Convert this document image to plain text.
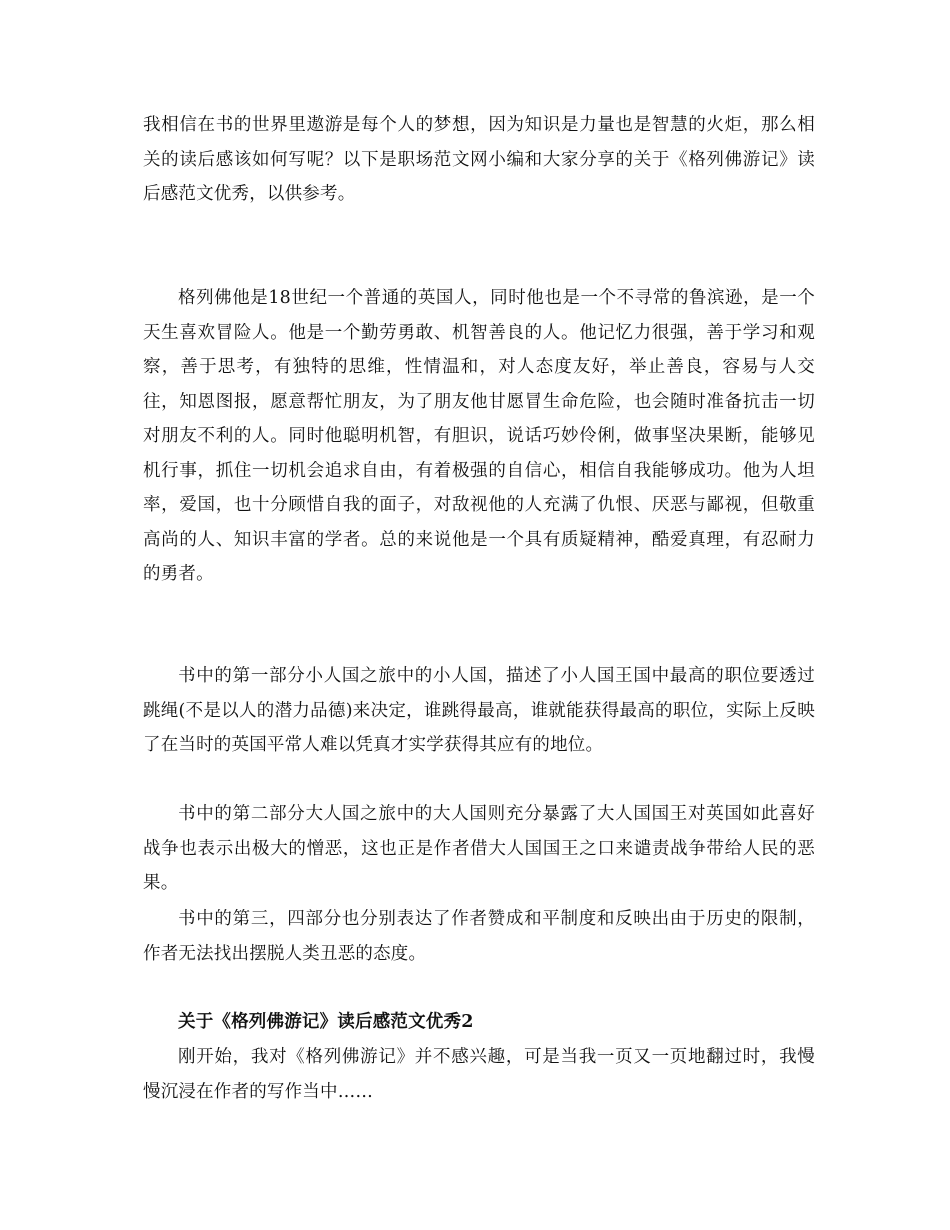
我相信在书的世界里遨游是每个人的梦想，因为知识是力量也是智慧的火炬，那么相关的读后感该如何写呢？以下是职场范文网小编和大家分享的关于《格列佛游记》读后感范文优秀，以供参考。

格列佛他是18世纪一个普通的英国人，同时他也是一个不寻常的鲁滨逊，是一个天生喜欢冒险人。他是一个勤劳勇敢、机智善良的人。他记忆力很强，善于学习和观察，善于思考，有独特的思维，性情温和，对人态度友好，举止善良，容易与人交往，知恩图报，愿意帮忙朋友，为了朋友他甘愿冒生命危险，也会随时准备抗击一切对朋友不利的人。同时他聪明机智，有胆识，说话巧妙伶俐，做事坚决果断，能够见机行事，抓住一切机会追求自由，有着极强的自信心，相信自我能够成功。他为人坦率，爱国，也十分顾惜自我的面子，对敌视他的人充满了仇恨、厌恶与鄙视，但敬重高尚的人、知识丰富的学者。总的来说他是一个具有质疑精神，酷爱真理，有忍耐力的勇者。

书中的第一部分小人国之旅中的小人国，描述了小人国王国中最高的职位要透过跳绳(不是以人的潜力品德)来决定，谁跳得最高，谁就能获得最高的职位，实际上反映了在当时的英国平常人难以凭真才实学获得其应有的地位。

书中的第二部分大人国之旅中的大人国则充分暴露了大人国国王对英国如此喜好战争也表示出极大的憎恶，这也正是作者借大人国国王之口来谴责战争带给人民的恶果。

书中的第三，四部分也分别表达了作者赞成和平制度和反映出由于历史的限制，作者无法找出摆脱人类丑恶的态度。

关于《格列佛游记》读后感范文优秀2

刚开始，我对《格列佛游记》并不感兴趣，可是当我一页又一页地翻过时，我慢慢沉浸在作者的写作当中……
